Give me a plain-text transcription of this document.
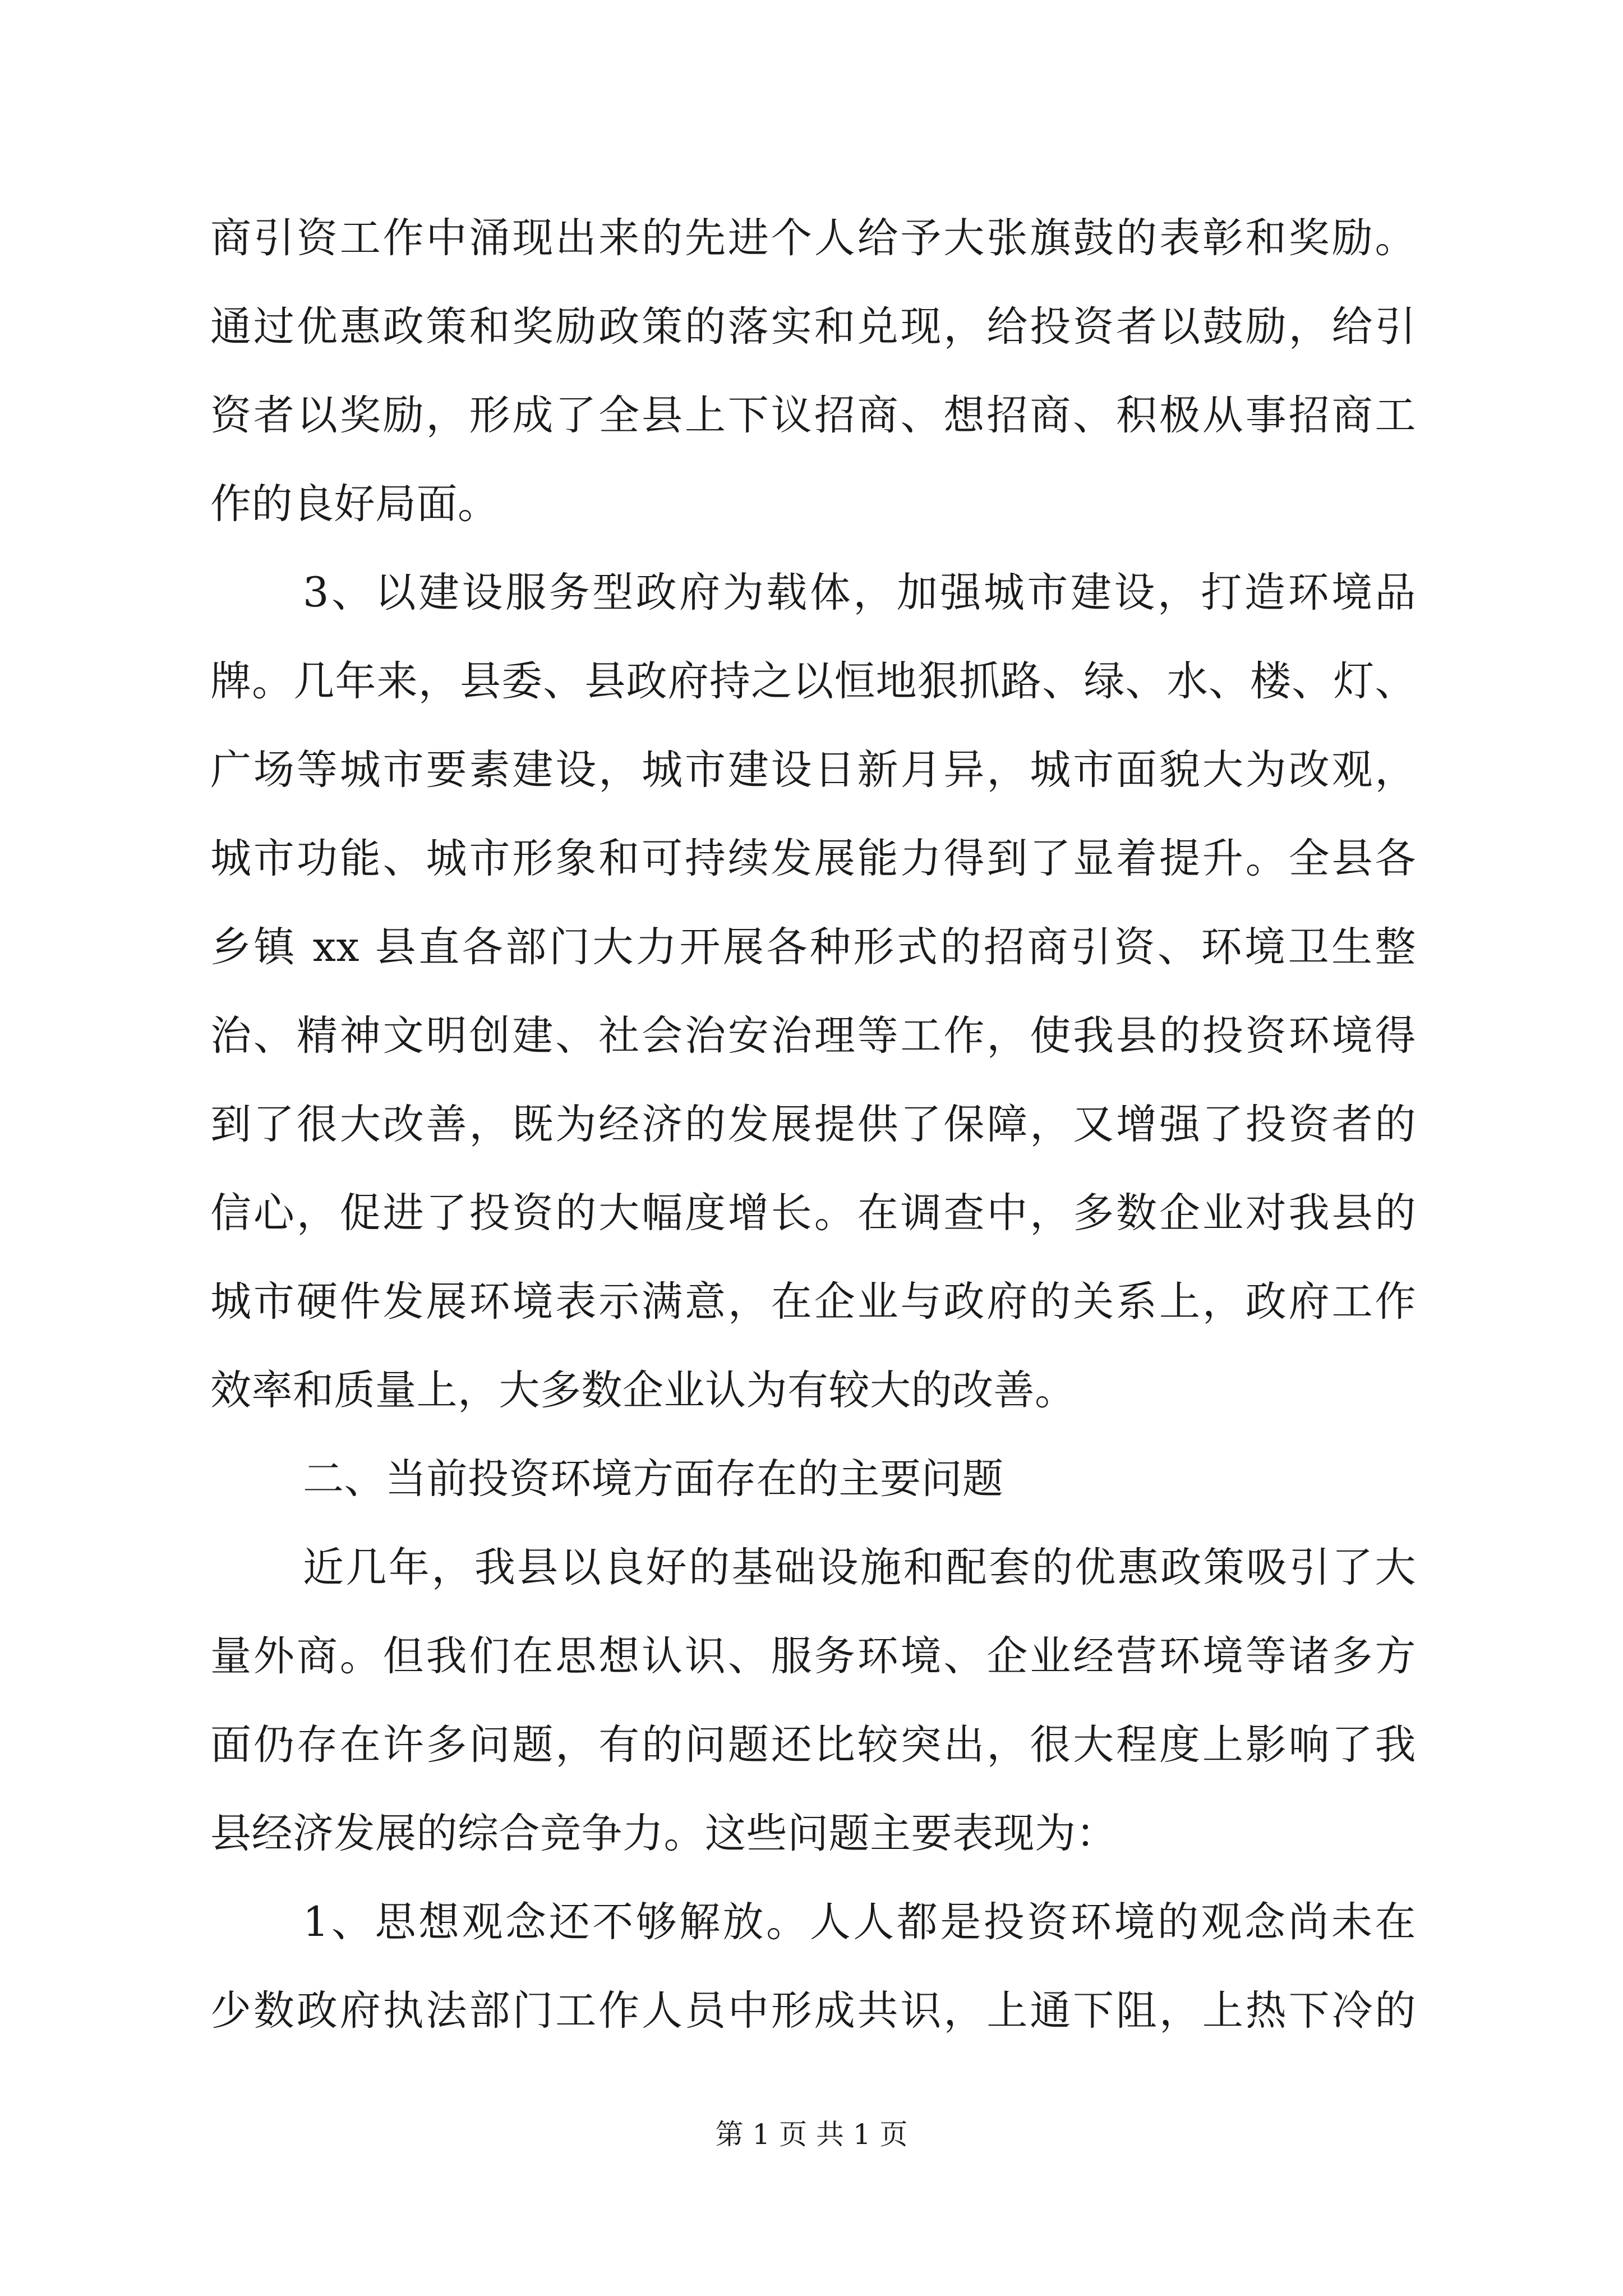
商引资工作中涌现出来的先进个人给予大张旗鼓的表彰和奖励。
通过优惠政策和奖励政策的落实和兑现，给投资者以鼓励，给引
资者以奖励，形成了全县上下议招商、想招商、积极从事招商工
作的良好局面。
3、以建设服务型政府为载体，加强城市建设，打造环境品
牌。几年来，县委、县政府持之以恒地狠抓路、绿、水、楼、灯、
广场等城市要素建设，城市建设日新月异，城市面貌大为改观，
城市功能、城市形象和可持续发展能力得到了显着提升。全县各
乡镇 xx 县直各部门大力开展各种形式的招商引资、环境卫生整
治、精神文明创建、社会治安治理等工作，使我县的投资环境得
到了很大改善，既为经济的发展提供了保障，又增强了投资者的
信心，促进了投资的大幅度增长。在调查中，多数企业对我县的
城市硬件发展环境表示满意，在企业与政府的关系上，政府工作
效率和质量上，大多数企业认为有较大的改善。
二、当前投资环境方面存在的主要问题
近几年，我县以良好的基础设施和配套的优惠政策吸引了大
量外商。但我们在思想认识、服务环境、企业经营环境等诸多方
面仍存在许多问题，有的问题还比较突出，很大程度上影响了我
县经济发展的综合竞争力。这些问题主要表现为：
1、思想观念还不够解放。人人都是投资环境的观念尚未在
少数政府执法部门工作人员中形成共识，上通下阻，上热下冷的
第 1 页 共 1 页
